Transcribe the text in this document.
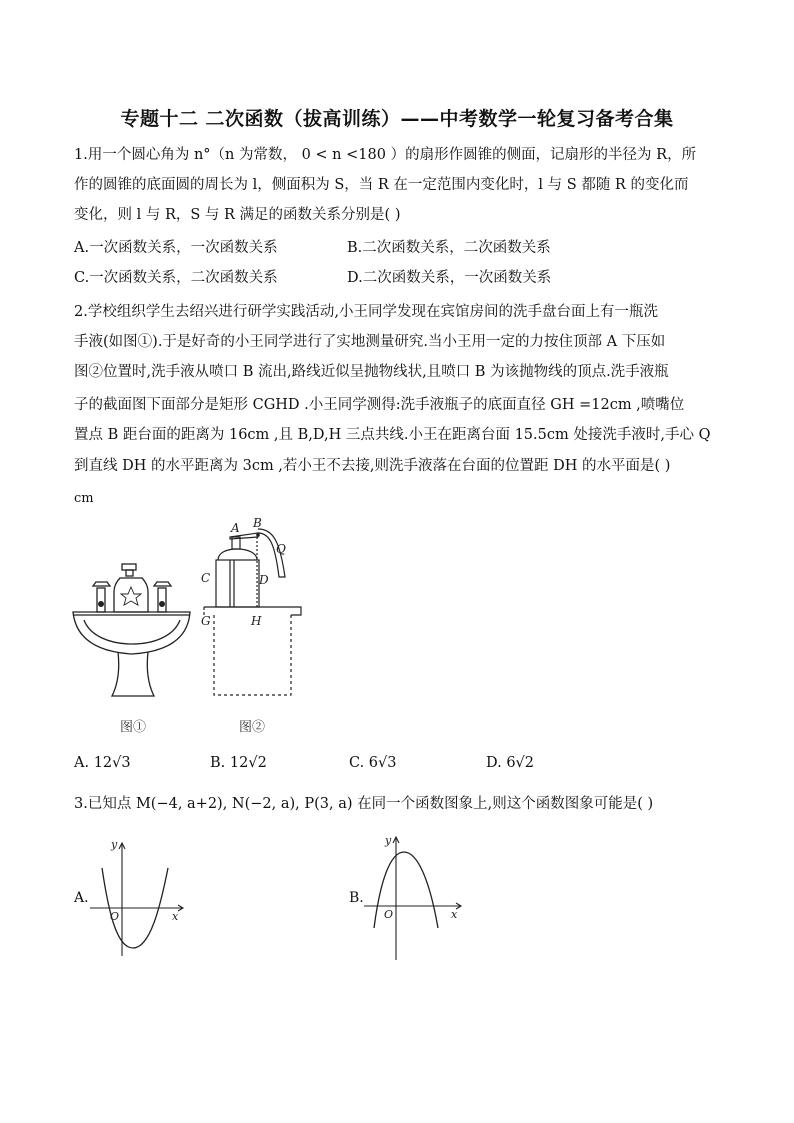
专题十二 二次函数（拔高训练）——中考数学一轮复习备考合集
1.用一个圆心角为 n°（n 为常数， 0 < n <180 ）的扇形作圆锥的侧面，记扇形的半径为 R，所
作的圆锥的底面圆的周长为 l，侧面积为 S，当 R 在一定范围内变化时，l 与 S 都随 R 的变化而
变化，则 l 与 R，S 与 R 满足的函数关系分别是( )
A.一次函数关系，一次函数关系	B.二次函数关系，二次函数关系
C.一次函数关系，二次函数关系	D.二次函数关系，一次函数关系
2.学校组织学生去绍兴进行研学实践活动,小王同学发现在宾馆房间的洗手盘台面上有一瓶洗
手液(如图①).于是好奇的小王同学进行了实地测量研究.当小王用一定的力按住顶部 A 下压如
图②位置时,洗手液从喷口 B 流出,路线近似呈抛物线状,且喷口 B 为该抛物线的顶点.洗手液瓶
子的截面图下面部分是矩形 CGHD .小王同学测得:洗手液瓶子的底面直径 GH =12cm ,喷嘴位
置点 B 距台面的距离为 16cm ,且 B,D,H 三点共线.小王在距离台面 15.5cm 处接洗手液时,手心 Q
到直线 DH 的水平距离为 3cm ,若小王不去接,则洗手液落在台面的位置距 DH 的水平面是( )
cm
A B
C	D
G	H
Q
图①	图②
A. 12√3	B. 12√2	C. 6√3	D. 6√2
3.已知点 M(−4, a+2), N(−2, a), P(3, a) 在同一个函数图象上,则这个函数图象可能是( )
A.
y
x
O
B.
y
x
O
